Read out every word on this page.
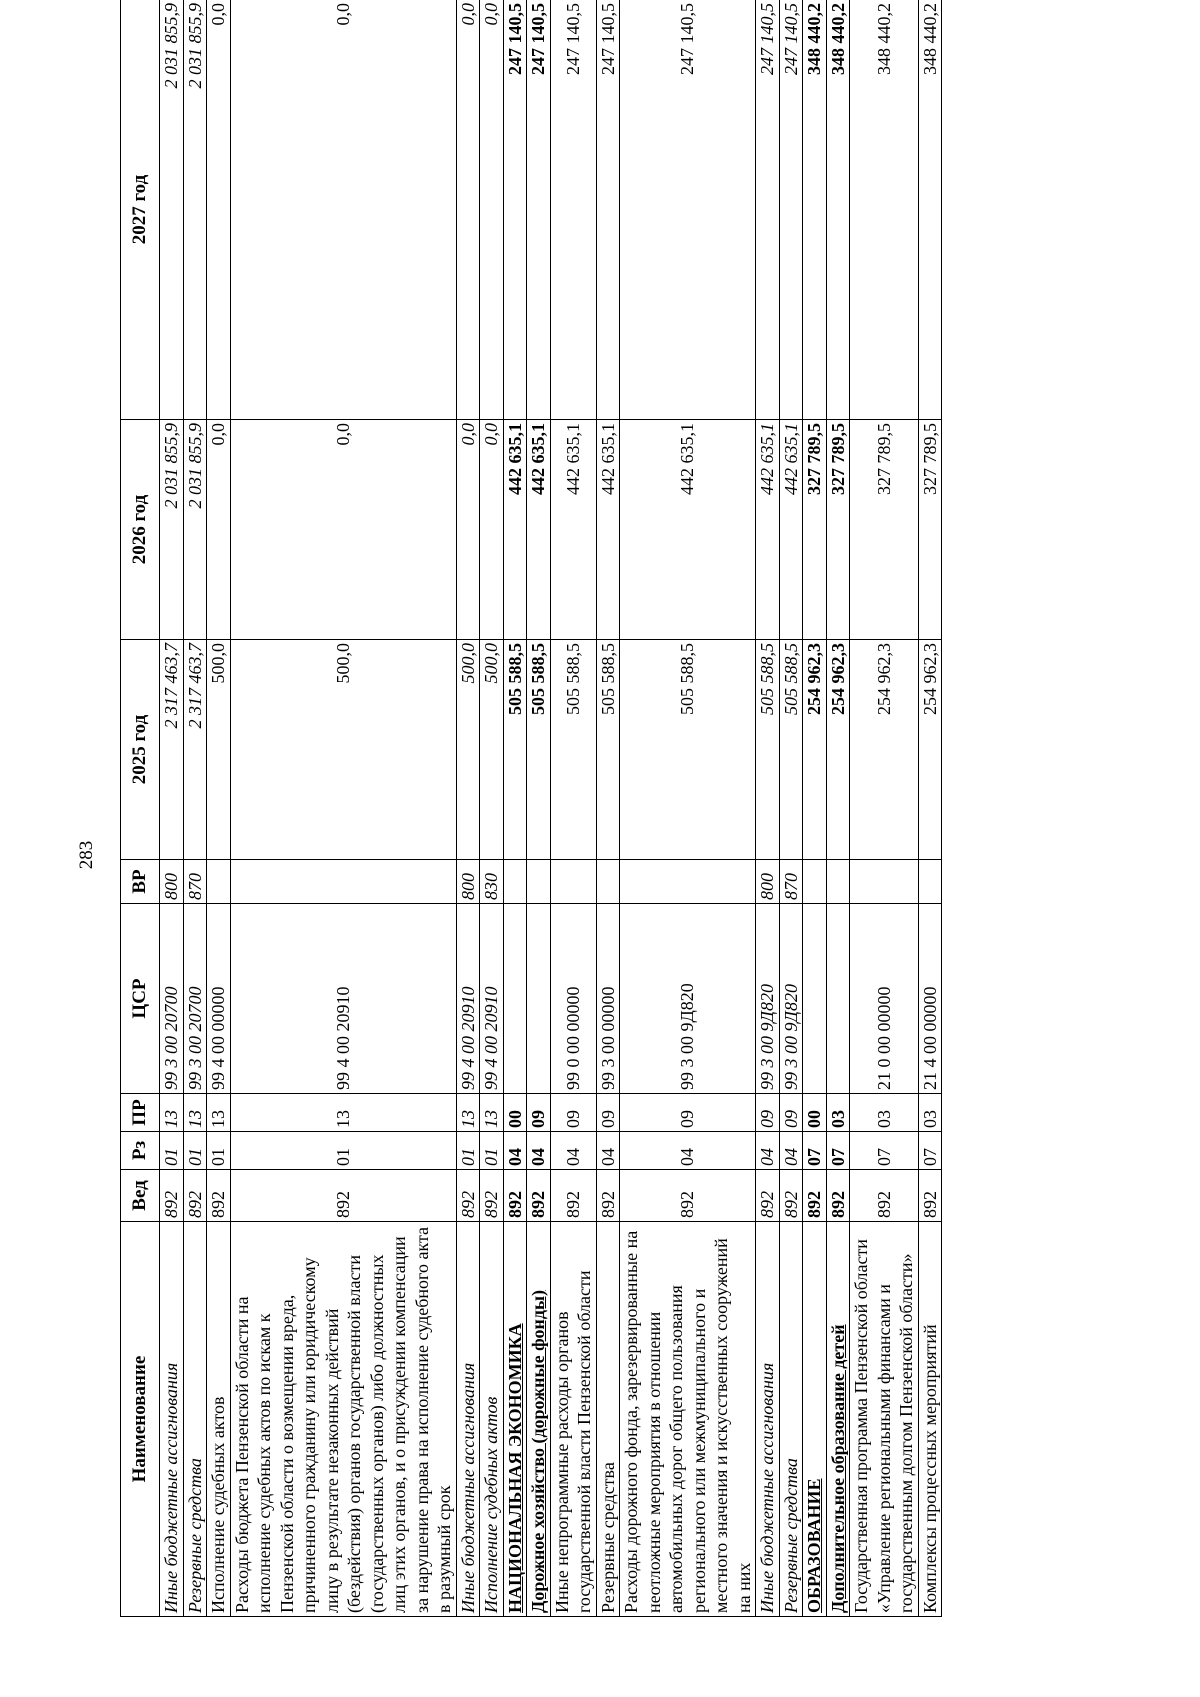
283
Наименование	Вед	Рз	ПР	ЦСР	ВР	2025 год	2026 год	2027 год
Иные бюджетные ассигнования	892	01	13	99 3 00 20700	800	2 317 463,7	2 031 855,9	2 031 855,9
Резервные средства	892	01	13	99 3 00 20700	870	2 317 463,7	2 031 855,9	2 031 855,9
Исполнение судебных актов	892	01	13	99 4 00 00000		500,0	0,0	0,0
Расходы бюджета Пензенской области на исполнение судебных актов по искам к Пензенской области о возмещении вреда, причиненного гражданину или юридическому лицу в результате незаконных действий (бездействия) органов государственной власти (государственных органов) либо должностных лиц этих органов, и о присуждении компенсации за нарушение права на исполнение судебного акта в разумный срок	892	01	13	99 4 00 20910		500,0	0,0	0,0
Иные бюджетные ассигнования	892	01	13	99 4 00 20910	800	500,0	0,0	0,0
Исполнение судебных актов	892	01	13	99 4 00 20910	830	500,0	0,0	0,0
НАЦИОНАЛЬНАЯ ЭКОНОМИКА	892	04	00			505 588,5	442 635,1	247 140,5
Дорожное хозяйство (дорожные фонды)	892	04	09			505 588,5	442 635,1	247 140,5
Иные непрограммные расходы органов государственной власти Пензенской области	892	04	09	99 0 00 00000		505 588,5	442 635,1	247 140,5
Резервные средства	892	04	09	99 3 00 00000		505 588,5	442 635,1	247 140,5
Расходы дорожного фонда, зарезервированные на неотложные мероприятия в отношении автомобильных дорог общего пользования регионального или межмуниципального и местного значения и искусственных сооружений на них	892	04	09	99 3 00 9Д820		505 588,5	442 635,1	247 140,5
Иные бюджетные ассигнования	892	04	09	99 3 00 9Д820	800	505 588,5	442 635,1	247 140,5
Резервные средства	892	04	09	99 3 00 9Д820	870	505 588,5	442 635,1	247 140,5
ОБРАЗОВАНИЕ	892	07	00			254 962,3	327 789,5	348 440,2
Дополнительное образование детей	892	07	03			254 962,3	327 789,5	348 440,2
Государственная программа Пензенской области «Управление региональными финансами и государственным долгом Пензенской области»	892	07	03	21 0 00 00000		254 962,3	327 789,5	348 440,2
Комплексы процессных мероприятий	892	07	03	21 4 00 00000		254 962,3	327 789,5	348 440,2
